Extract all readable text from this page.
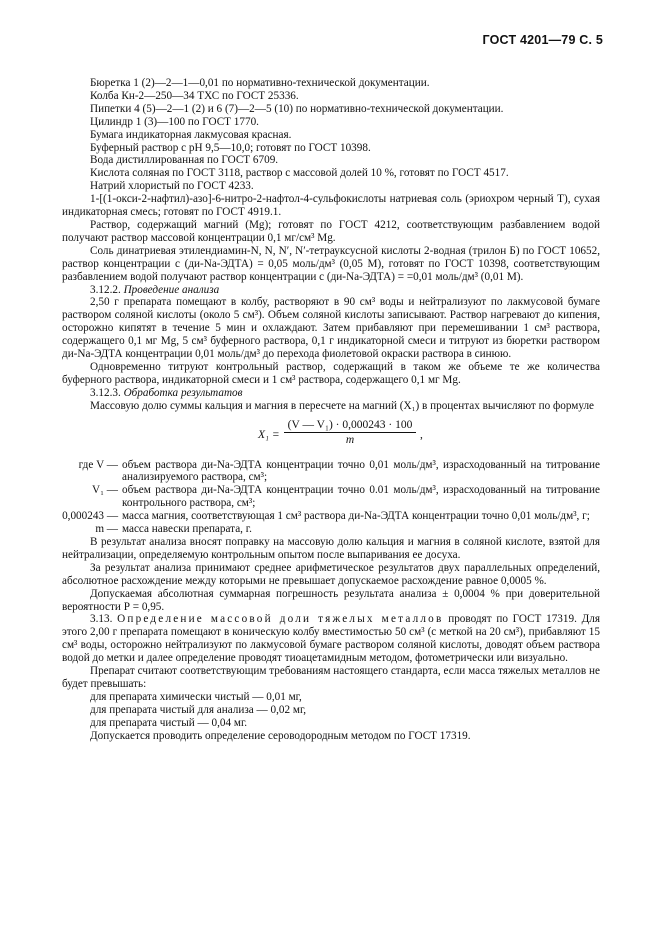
ГОСТ 4201—79 С. 5

Бюретка 1 (2)—2—1—0,01 по нормативно-технической документации.

Колба Кн-2—250—34 ТХС по ГОСТ 25336.

Пипетки 4 (5)—2—1 (2) и 6 (7)—2—5 (10) по нормативно-технической документации.

Цилиндр 1 (3)—100 по ГОСТ 1770.

Бумага индикаторная лакмусовая красная.

Буферный раствор с рН 9,5—10,0; готовят по ГОСТ 10398.

Вода дистиллированная по ГОСТ 6709.

Кислота соляная по ГОСТ 3118, раствор с массовой долей 10 %, готовят по ГОСТ 4517.

Натрий хлористый по ГОСТ 4233.

1-[(1-окси-2-нафтил)-азо]-6-нитро-2-нафтол-4-сульфокислоты натриевая соль (эриохром черный Т), сухая индикаторная смесь; готовят по ГОСТ 4919.1.

Раствор, содержащий магний (Mg); готовят по ГОСТ 4212, соответствующим разбавлением водой получают раствор массовой концентрации 0,1 мг/см³ Mg.

Соль динатриевая этилендиамин-N, N, N′, N′-тетрауксусной кислоты 2-водная (трилон Б) по ГОСТ 10652, раствор концентрации с (ди-Na-ЭДТА) = 0,05 моль/дм³ (0,05 М), готовят по ГОСТ 10398, соответствующим разбавлением водой получают раствор концентрации с (ди-Na-ЭДТА) = =0,01 моль/дм³ (0,01 М).

3.12.2. Проведение анализа

2,50 г препарата помещают в колбу, растворяют в 90 см³ воды и нейтрализуют по лакмусовой бумаге раствором соляной кислоты (около 5 см³). Объем соляной кислоты записывают. Раствор нагревают до кипения, осторожно кипятят в течение 5 мин и охлаждают. Затем прибавляют при перемешивании 1 см³ раствора, содержащего 0,1 мг Mg, 5 см³ буферного раствора, 0,1 г индикаторной смеси и титруют из бюретки раствором ди-Na-ЭДТА концентрации 0,01 моль/дм³ до перехода фиолетовой окраски раствора в синюю.

Одновременно титруют контрольный раствор, содержащий в таком же объеме те же количества буферного раствора, индикаторной смеси и 1 см³ раствора, содержащего 0,1 мг Mg.

3.12.3. Обработка результатов

Массовую долю суммы кальция и магния в пересчете на магний (X₁) в процентах вычисляют по формуле

$X_1 = \frac{\text{(V — V₁) · 0,000243 · 100}}{m}$ ,
где V — объем раствора ди-Na-ЭДТА концентрации точно 0,01 моль/дм³, израсходованный на титрование анализируемого раствора, см³;
V₁ — объем раствора ди-Na-ЭДТА концентрации точно 0.01 моль/дм³, израсходованный на титрование контрольного раствора, см³;
0,000243 — масса магния, соответствующая 1 см³ раствора ди-Na-ЭДТА концентрации точно 0,01 моль/дм³, г;
m — масса навески препарата, г.

В результат анализа вносят поправку на массовую долю кальция и магния в соляной кислоте, взятой для нейтрализации, определяемую контрольным опытом после выпаривания ее досуха.

За результат анализа принимают среднее арифметическое результатов двух параллельных определений, абсолютное расхождение между которыми не превышает допускаемое расхождение равное 0,0005 %.

Допускаемая абсолютная суммарная погрешность результата анализа ± 0,0004 % при доверительной вероятности Р = 0,95.

3.13. Определение массовой доли тяжелых металлов проводят по ГОСТ 17319. Для этого 2,00 г препарата помещают в коническую колбу вместимостью 50 см³ (с меткой на 20 см³), прибавляют 15 см³ воды, осторожно нейтрализуют по лакмусовой бумаге раствором соляной кислоты, доводят объем раствора водой до метки и далее определение проводят тиоацетамидным методом, фотометрически или визуально.

Препарат считают соответствующим требованиям настоящего стандарта, если масса тяжелых металлов не будет превышать:

для препарата химически чистый — 0,01 мг,

для препарата чистый для анализа — 0,02 мг,

для препарата чистый — 0,04 мг.

Допускается проводить определение сероводородным методом по ГОСТ 17319.
